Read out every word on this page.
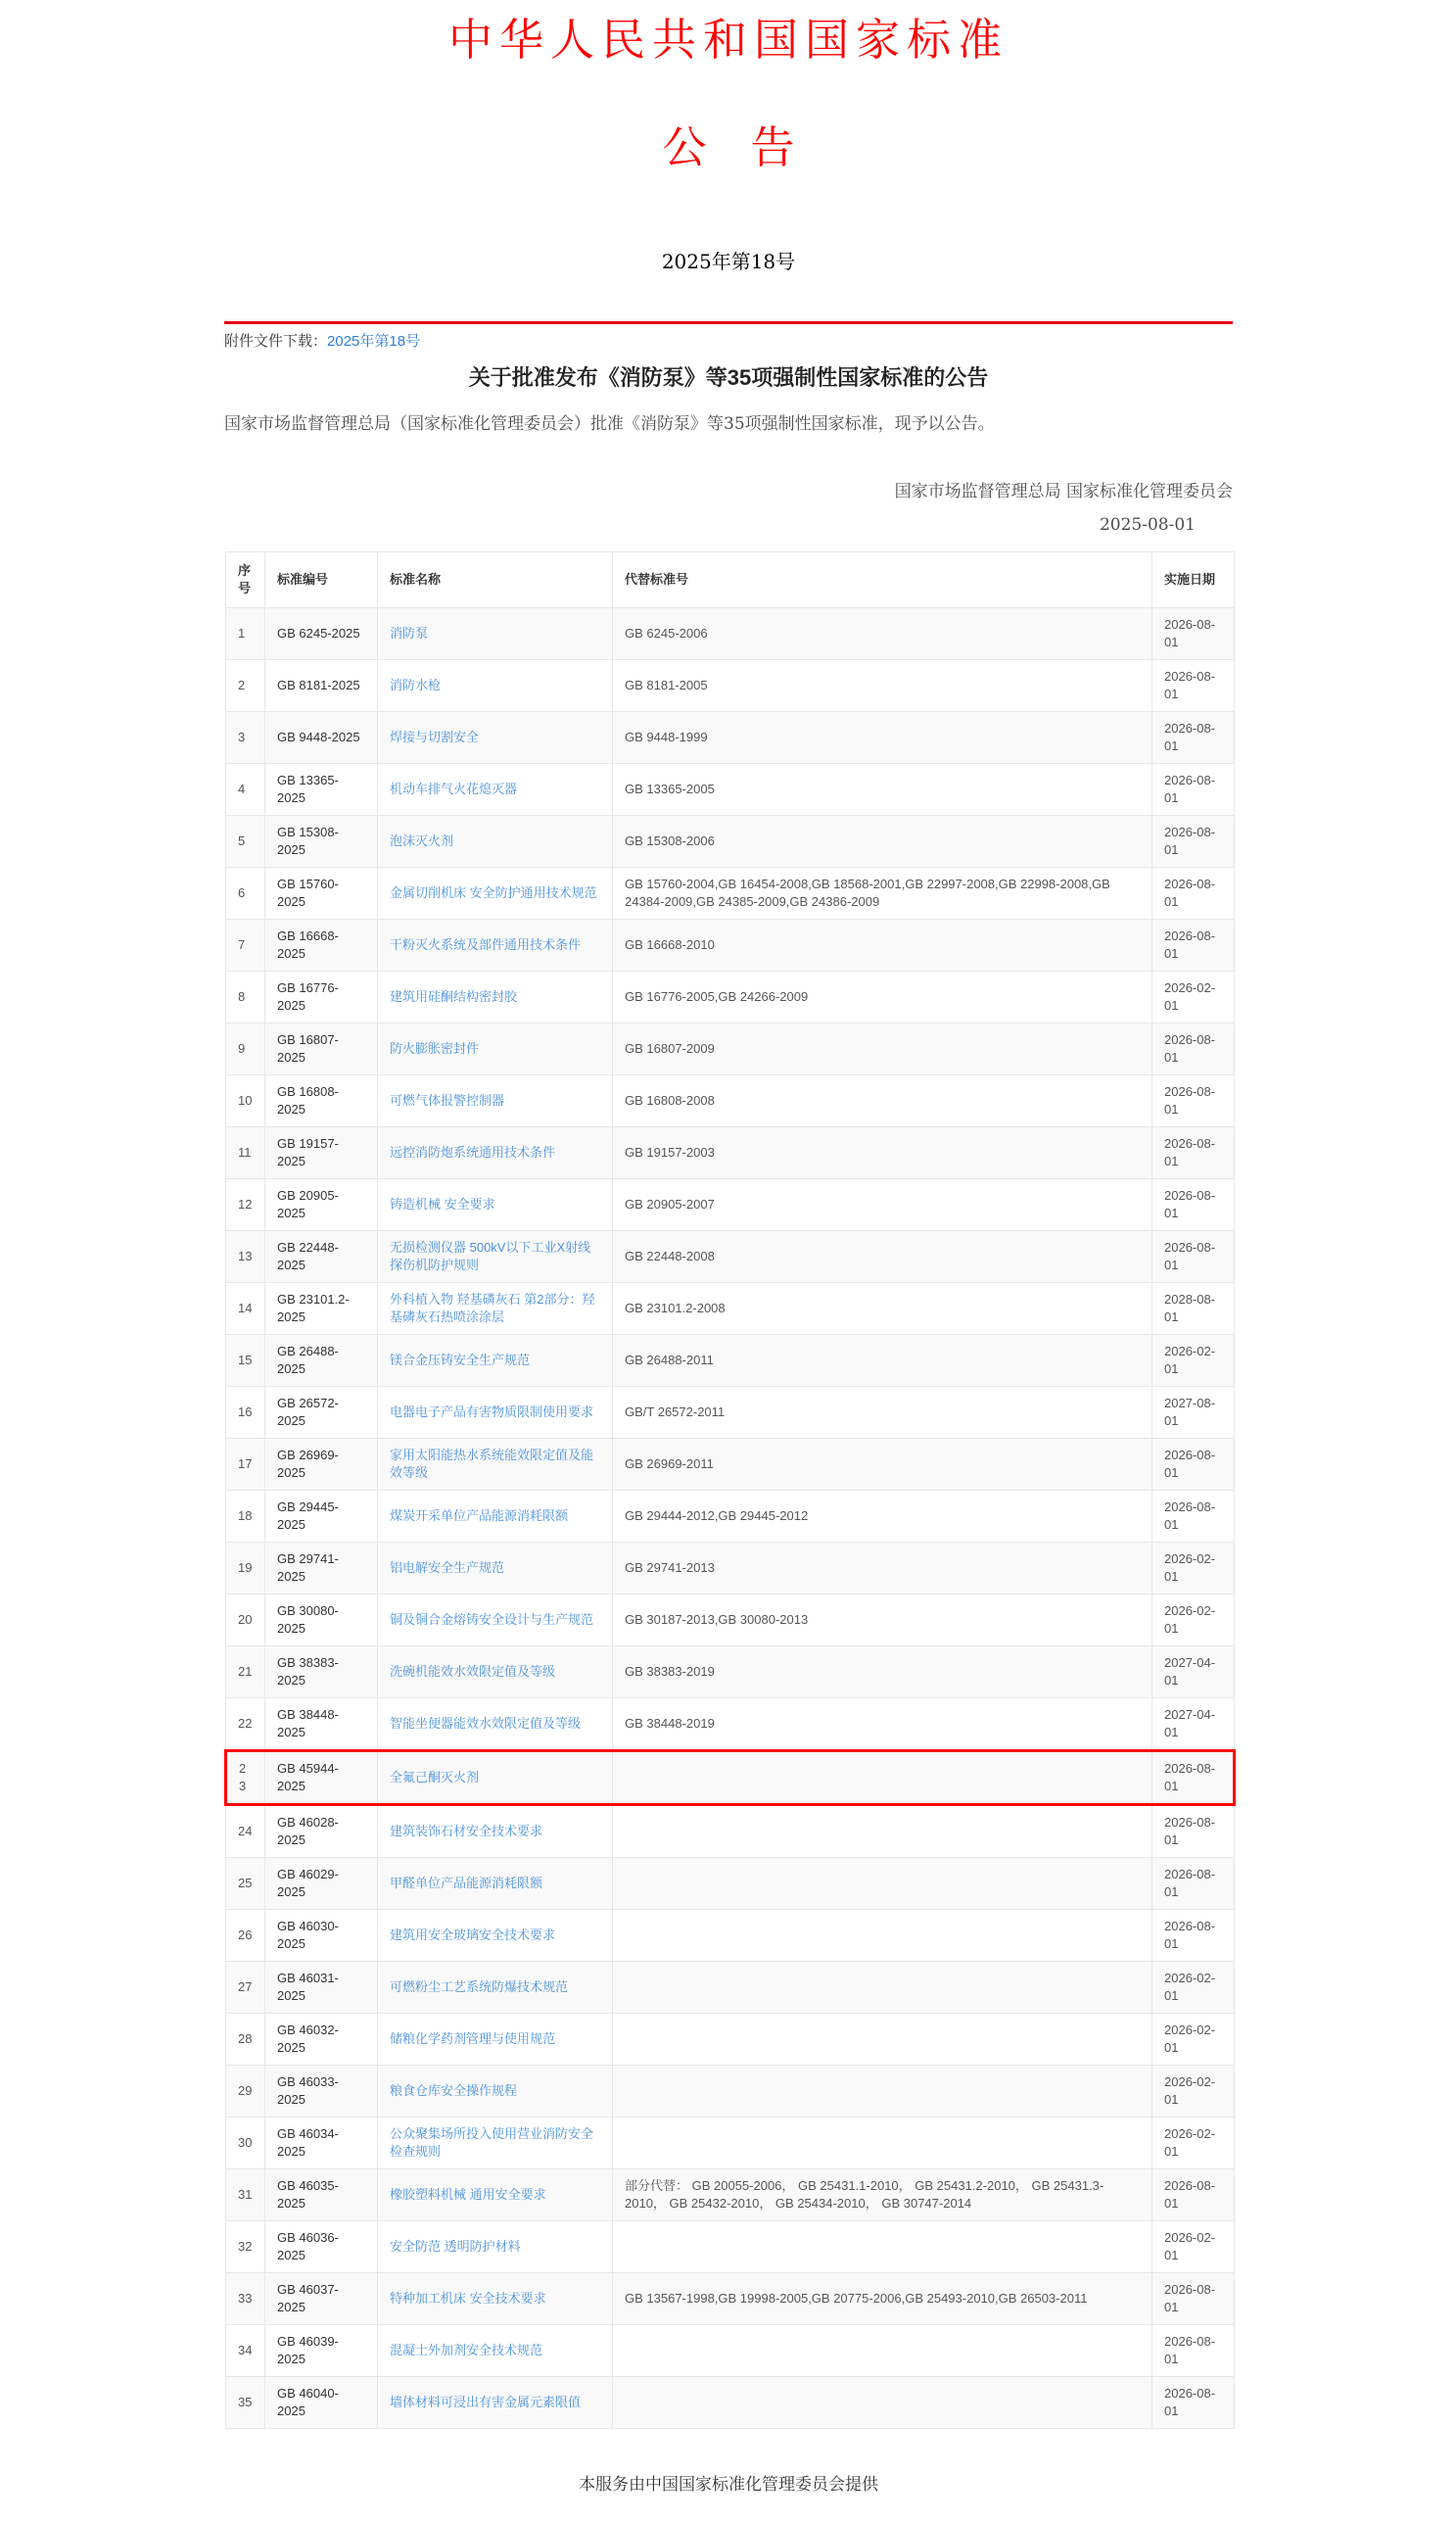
中华人民共和国国家标准
公　告
2025年第18号
附件文件下载：2025年第18号
关于批准发布《消防泵》等35项强制性国家标准的公告

国家市场监督管理总局（国家标准化管理委员会）批准《消防泵》等35项强制性国家标准，现予以公告。

国家市场监督管理总局 国家标准化管理委员会
2025-08-01
序号	标准编号	标准名称	代替标准号	实施日期
1	GB 6245-2025	消防泵	GB 6245-2006	2026-08-01
2	GB 8181-2025	消防水枪	GB 8181-2005	2026-08-01
3	GB 9448-2025	焊接与切割安全	GB 9448-1999	2026-08-01
4	GB 13365-2025	机动车排气火花熄灭器	GB 13365-2005	2026-08-01
5	GB 15308-2025	泡沫灭火剂	GB 15308-2006	2026-08-01
6	GB 15760-2025	金属切削机床 安全防护通用技术规范	GB 15760-2004,GB 16454-2008,GB 18568-2001,GB 22997-2008,GB 22998-2008,GB 24384-2009,GB 24385-2009,GB 24386-2009	2026-08-01
7	GB 16668-2025	干粉灭火系统及部件通用技术条件	GB 16668-2010	2026-08-01
8	GB 16776-2025	建筑用硅酮结构密封胶	GB 16776-2005,GB 24266-2009	2026-02-01
9	GB 16807-2025	防火膨胀密封件	GB 16807-2009	2026-08-01
10	GB 16808-2025	可燃气体报警控制器	GB 16808-2008	2026-08-01
11	GB 19157-2025	远控消防炮系统通用技术条件	GB 19157-2003	2026-08-01
12	GB 20905-2025	铸造机械 安全要求	GB 20905-2007	2026-08-01
13	GB 22448-2025	无损检测仪器 500kV以下工业X射线探伤机防护规则	GB 22448-2008	2026-08-01
14	GB 23101.2-2025	外科植入物 羟基磷灰石 第2部分：羟基磷灰石热喷涂涂层	GB 23101.2-2008	2028-08-01
15	GB 26488-2025	镁合金压铸安全生产规范	GB 26488-2011	2026-02-01
16	GB 26572-2025	电器电子产品有害物质限制使用要求	GB/T 26572-2011	2027-08-01
17	GB 26969-2025	家用太阳能热水系统能效限定值及能效等级	GB 26969-2011	2026-08-01
18	GB 29445-2025	煤炭开采单位产品能源消耗限额	GB 29444-2012,GB 29445-2012	2026-08-01
19	GB 29741-2025	铝电解安全生产规范	GB 29741-2013	2026-02-01
20	GB 30080-2025	铜及铜合金熔铸安全设计与生产规范	GB 30187-2013,GB 30080-2013	2026-02-01
21	GB 38383-2025	洗碗机能效水效限定值及等级	GB 38383-2019	2027-04-01
22	GB 38448-2025	智能坐便器能效水效限定值及等级	GB 38448-2019	2027-04-01
23	GB 45944-2025	全氟己酮灭火剂		2026-08-01
24	GB 46028-2025	建筑装饰石材安全技术要求		2026-08-01
25	GB 46029-2025	甲醛单位产品能源消耗限额		2026-08-01
26	GB 46030-2025	建筑用安全玻璃安全技术要求		2026-08-01
27	GB 46031-2025	可燃粉尘工艺系统防爆技术规范		2026-02-01
28	GB 46032-2025	储粮化学药剂管理与使用规范		2026-02-01
29	GB 46033-2025	粮食仓库安全操作规程		2026-02-01
30	GB 46034-2025	公众聚集场所投入使用营业消防安全检查规则		2026-02-01
31	GB 46035-2025	橡胶塑料机械 通用安全要求	部分代替： GB 20055-2006， GB 25431.1-2010， GB 25431.2-2010， GB 25431.3-2010， GB 25432-2010， GB 25434-2010， GB 30747-2014	2026-08-01
32	GB 46036-2025	安全防范 透明防护材料		2026-02-01
33	GB 46037-2025	特种加工机床 安全技术要求	GB 13567-1998,GB 19998-2005,GB 20775-2006,GB 25493-2010,GB 26503-2011	2026-08-01
34	GB 46039-2025	混凝土外加剂安全技术规范		2026-08-01
35	GB 46040-2025	墙体材料可浸出有害金属元素限值		2026-08-01
本服务由中国国家标准化管理委员会提供
